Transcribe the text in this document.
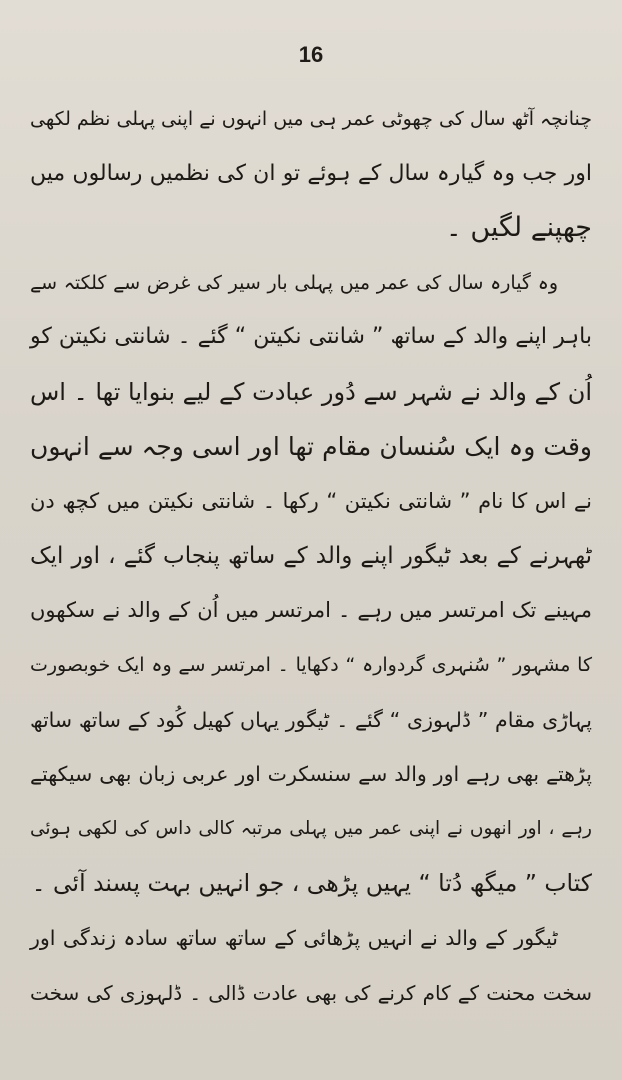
16
چنانچہ آٹھ سال کی چھوٹی عمر ہی میں انہوں نے اپنی پہلی نظم لکھی
اور جب وہ گیارہ سال کے ہوئے تو ان کی نظمیں رسالوں میں
چھپنے لگیں ۔
وہ گیارہ سال کی عمر میں پہلی بار سیر کی غرض سے کلکتہ سے
باہر اپنے والد کے ساتھ ” شانتی نکیتن “ گئے ۔ شانتی نکیتن کو
اُن کے والد نے شہر سے دُور عبادت کے لیے بنوایا تھا ۔ اس
وقت وہ ایک سُنسان مقام تھا اور اسی وجہ سے انہوں
نے اس کا نام ” شانتی نکیتن “ رکھا ۔ شانتی نکیتن میں کچھ دن
ٹھہرنے کے بعد ٹیگور اپنے والد کے ساتھ پنجاب گئے ، اور ایک
مہینے تک امرتسر میں رہے ۔ امرتسر میں اُن کے والد نے سکھوں
کا مشہور ” سُنہری گردوارہ “ دکھایا ۔ امرتسر سے وہ ایک خوبصورت
پہاڑی مقام ” ڈلہوزی “ گئے ۔ ٹیگور یہاں کھیل کُود کے ساتھ ساتھ
پڑھتے بھی رہے اور والد سے سنسکرت اور عربی زبان بھی سیکھتے
رہے ، اور انھوں نے اپنی عمر میں پہلی مرتبہ کالی داس کی لکھی ہوئی
کتاب ” میگھ دُتا “ یہیں پڑھی ، جو انہیں بہت پسند آئی ۔
ٹیگور کے والد نے انہیں پڑھائی کے ساتھ ساتھ سادہ زندگی اور
سخت محنت کے کام کرنے کی بھی عادت ڈالی ۔ ڈلہوزی کی سخت
